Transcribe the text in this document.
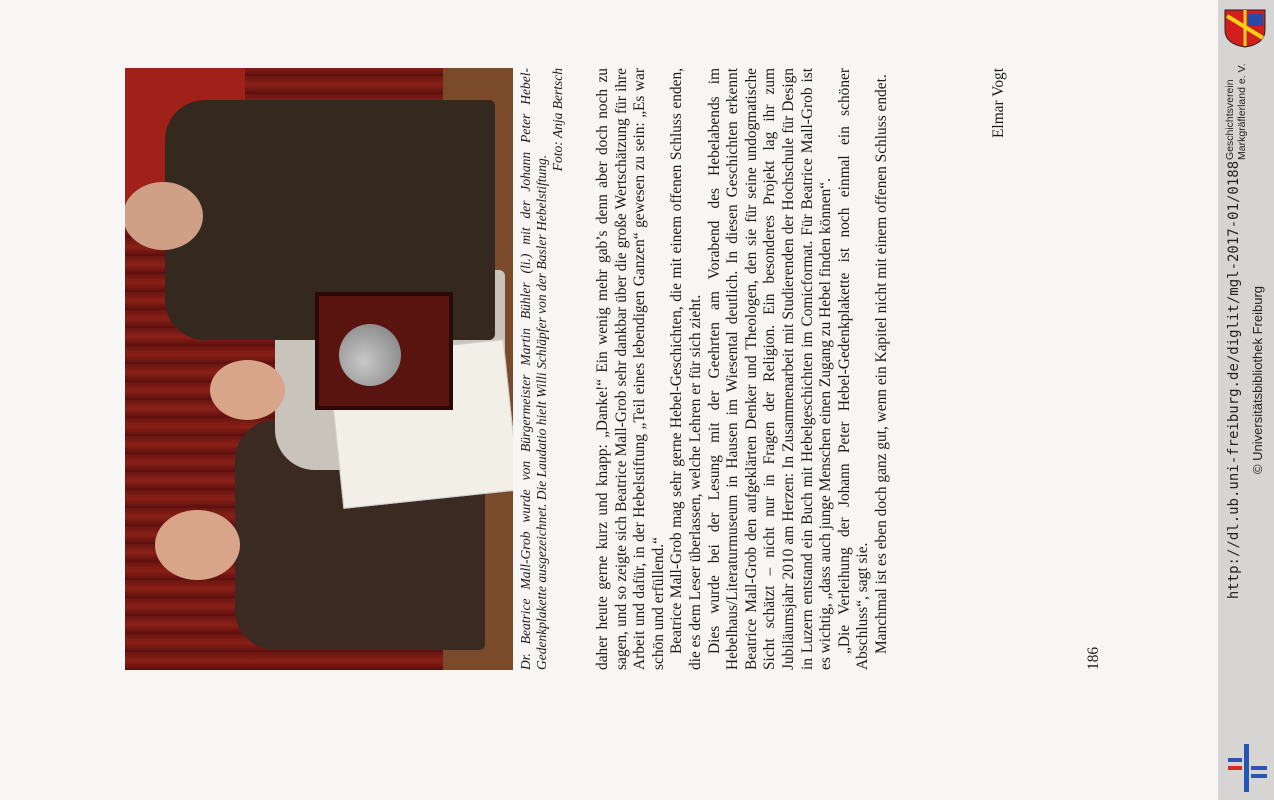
Dr. Beatrice Mall-Grob wurde von Bürgermeister Martin Bühler (li.) mit der Johann Peter Hebel-Gedenkplakette ausgezeichnet. Die Laudatio hielt Willi Schläpfer von der Basler Hebelstiftung.
Foto: Anja Bertsch daher heute gerne kurz und knapp: „Danke!“ Ein wenig mehr gab’s denn aber doch noch zu sagen, und so zeigte sich Beatrice Mall-Grob sehr dankbar über die große Wertschätzung für ihre Arbeit und dafür, in der Hebelstiftung „Teil eines lebendigen Ganzen“ gewesen zu sein: „Es war schön und erfüllend.“ Beatrice Mall-Grob mag sehr gerne Hebel-Geschichten, die mit einem offenen Schluss enden, die es dem Leser überlassen, welche Lehren er für sich zieht. Dies wurde bei der Lesung mit der Geehrten am Vorabend des Hebelabends im Hebelhaus/Literaturmuseum in Hausen im Wiesental deutlich. In diesen Geschichten erkennt Beatrice Mall-Grob den aufgeklärten Denker und Theologen, den sie für seine undogmatische Sicht schätzt – nicht nur in Fragen der Religion. Ein besonderes Projekt lag ihr zum Jubiläumsjahr 2010 am Herzen: In Zusammenarbeit mit Studierenden der Hochschule für Design in Luzern entstand ein Buch mit Hebelgeschichten im Comicformat. Für Beatrice Mall-Grob ist es wichtig, „dass auch junge Menschen einen Zugang zu Hebel finden können“. „Die Verleihung der Johann Peter Hebel-Gedenkplakette ist noch einmal ein schöner Abschluss“, sagt sie. Manchmal ist es eben doch ganz gut, wenn ein Kapitel nicht mit einem offenen Schluss endet.	Elmar Vogt
186
http://dl.ub.uni-freiburg.de/diglit/mgl-2017-01/0188 © Universitätsbibliothek Freiburg
Geschichtsverein
Markgräflerland e. V.
